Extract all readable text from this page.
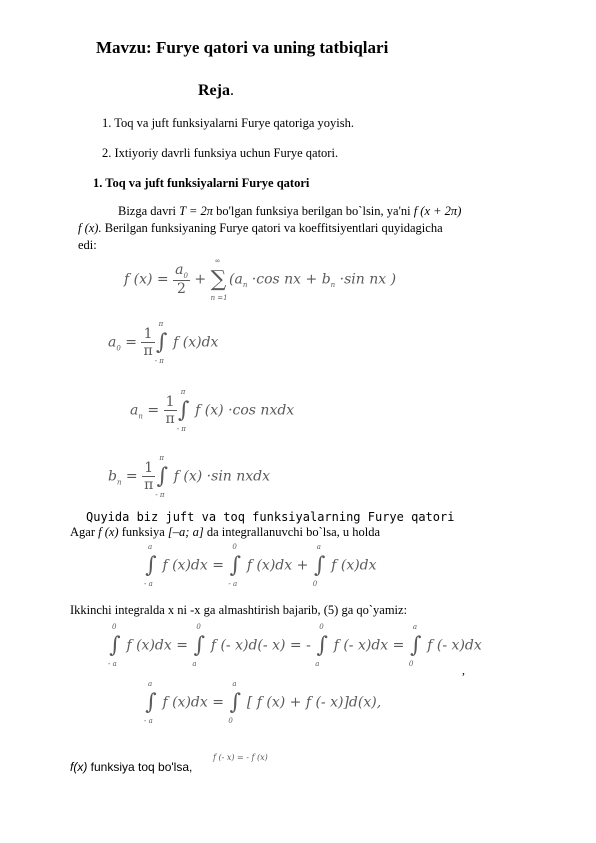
Mavzu: Furye qatori va uning tatbiqlari
Reja.
1. Toq va juft funksiyalarni Furye qatoriga yoyish.
2. Ixtiyoriy davrli funksiya uchun Furye qatori.
1. Toq va juft funksiyalarni Furye qatori
Bizga davri T = 2π bo'lgan funksiya berilgan bo`lsin, ya'ni f (x + 2π)
f (x). Berilgan funksiyaning Furye qatori va koeffitsiyentlari quyidagicha
edi:
f $(x) = \frac{a_0}{2}$ +
∞
∑
n =1
($a_n \cdot\cos$ nx + $b_n \cdot\sin$ nx )
$a_0 = \frac{1}{\pi}$
π
∫
- π
f (x)dx
$a_n = \frac{1}{\pi}$
π
∫
- π
f (x) ·cos nxdx
$b_n = \frac{1}{\pi}$
π
∫
- π
f (x) ·sin nxdx
Quyida biz juft va toq funksiyalarning Furye qatori
Agar f (x) funksiya [–a; a] da integrallanuvchi bo`lsa, u holda
a
∫
- a
f (x)dx =
0
∫
- a
f (x)dx +
a
∫
0
f (x)dx
Ikkinchi integralda x ni -x ga almashtirish bajarib, (5) ga qo`yamiz:
0
∫
- a
f (x)dx =
0
∫
a
f (- x)d(- x) = -
0
∫
a
f (- x)dx =
a
∫
0
f (- x)dx
,
a
∫
- a
f (x)dx =
a
∫
0
[ f (x) + f (- x)]d(x),
f(x) funksiya toq bo'lsa,
f (- x) = - f (x)
